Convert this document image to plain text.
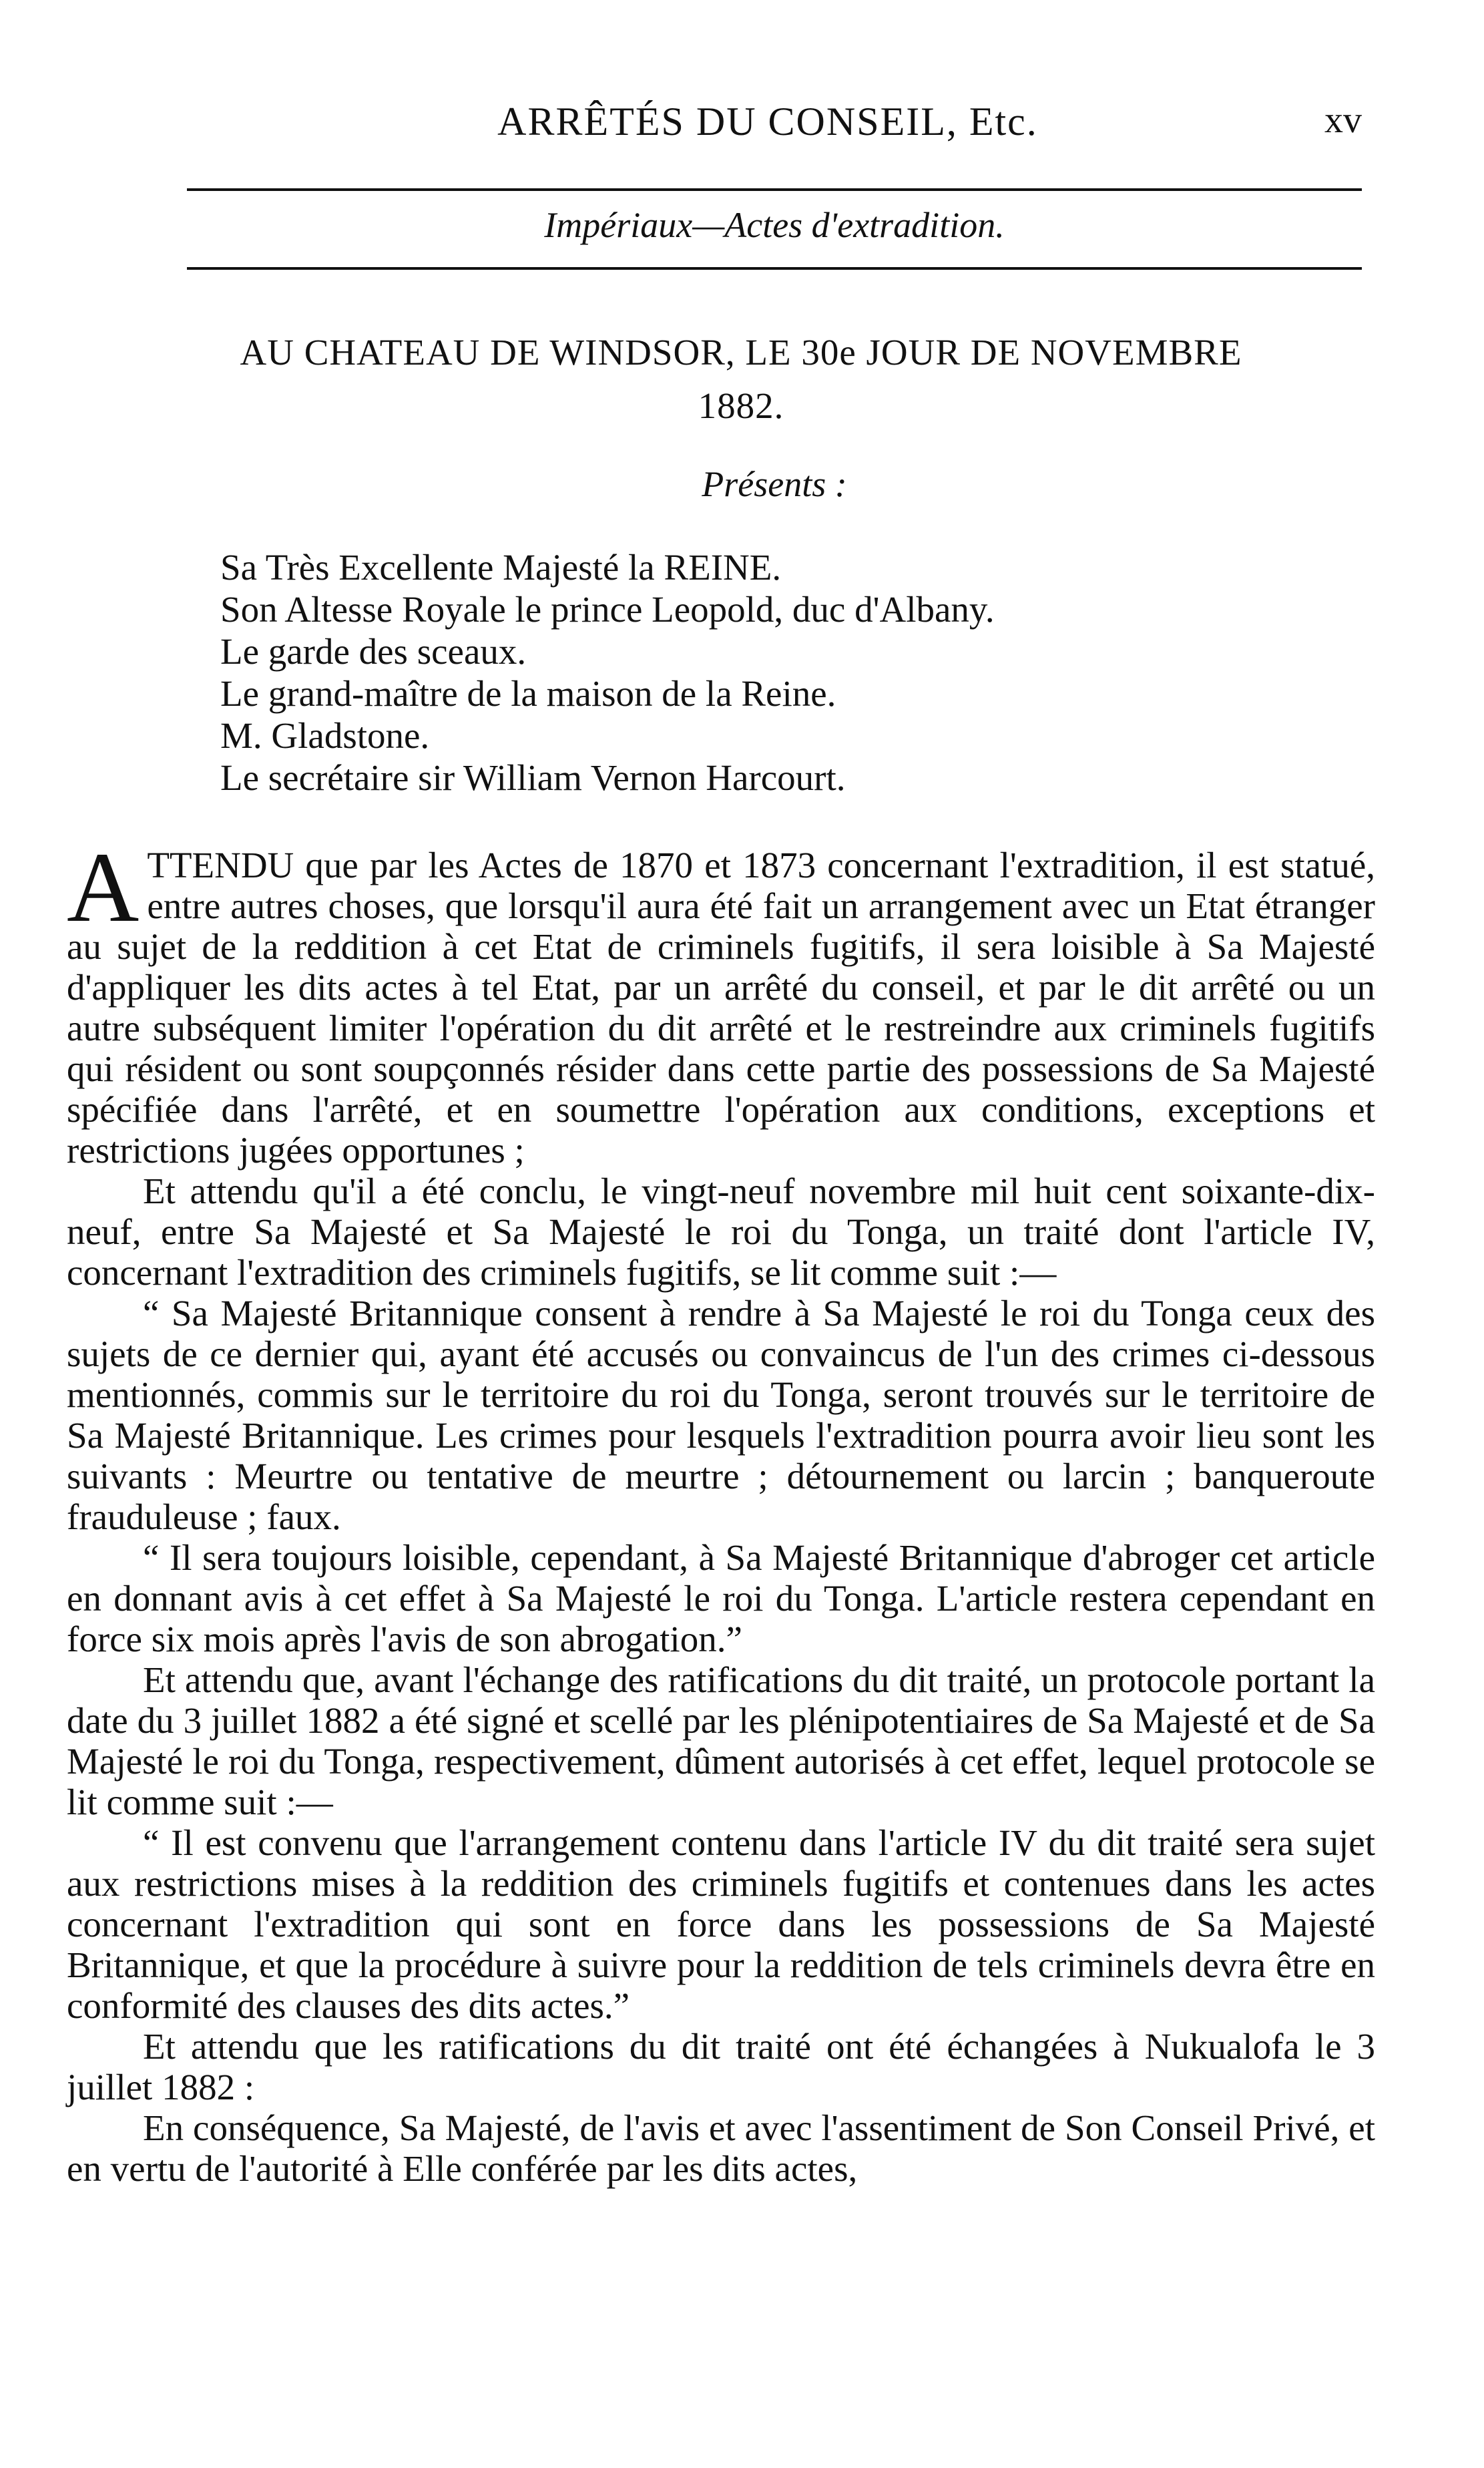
ARRÊTÉS DU CONSEIL, Etc.	xv
Impériaux—Actes d'extradition.
AU CHATEAU DE WINDSOR, LE 30e JOUR DE NOVEMBRE
1882.
Présents :
Sa Très Excellente Majesté la REINE.
Son Altesse Royale le prince Leopold, duc d'Albany.
Le garde des sceaux.
Le grand-maître de la maison de la Reine.
M. Gladstone.
Le secrétaire sir William Vernon Harcourt.

ATTENDU que par les Actes de 1870 et 1873 concernant l'extradition, il est statué, entre autres choses, que lorsqu'il aura été fait un arrangement avec un Etat étranger au sujet de la reddition à cet Etat de criminels fugitifs, il sera loisible à Sa Majesté d'appliquer les dits actes à tel Etat, par un arrêté du conseil, et par le dit arrêté ou un autre subséquent limiter l'opération du dit arrêté et le restreindre aux criminels fugitifs qui résident ou sont soupçonnés résider dans cette partie des possessions de Sa Majesté spécifiée dans l'arrêté, et en soumettre l'opération aux conditions, exceptions et restrictions jugées opportunes ;

Et attendu qu'il a été conclu, le vingt-neuf novembre mil huit cent soixante-dix-neuf, entre Sa Majesté et Sa Majesté le roi du Tonga, un traité dont l'article IV, concernant l'extradition des criminels fugitifs, se lit comme suit :—

“ Sa Majesté Britannique consent à rendre à Sa Majesté le roi du Tonga ceux des sujets de ce dernier qui, ayant été accusés ou convaincus de l'un des crimes ci-dessous mentionnés, commis sur le territoire du roi du Tonga, seront trouvés sur le territoire de Sa Majesté Britannique. Les crimes pour lesquels l'extradition pourra avoir lieu sont les suivants : Meurtre ou tentative de meurtre ; détournement ou larcin ; banqueroute frauduleuse ; faux.

“ Il sera toujours loisible, cependant, à Sa Majesté Britannique d'abroger cet article en donnant avis à cet effet à Sa Majesté le roi du Tonga. L'article restera cependant en force six mois après l'avis de son abrogation.”

Et attendu que, avant l'échange des ratifications du dit traité, un protocole portant la date du 3 juillet 1882 a été signé et scellé par les plénipotentiaires de Sa Majesté et de Sa Majesté le roi du Tonga, respectivement, dûment autorisés à cet effet, lequel protocole se lit comme suit :—

“ Il est convenu que l'arrangement contenu dans l'article IV du dit traité sera sujet aux restrictions mises à la reddition des criminels fugitifs et contenues dans les actes concernant l'extradition qui sont en force dans les possessions de Sa Majesté Britannique, et que la procédure à suivre pour la reddition de tels criminels devra être en conformité des clauses des dits actes.”

Et attendu que les ratifications du dit traité ont été échangées à Nukualofa le 3 juillet 1882 :

En conséquence, Sa Majesté, de l'avis et avec l'assentiment de Son Conseil Privé, et en vertu de l'autorité à Elle conférée par les dits actes,
